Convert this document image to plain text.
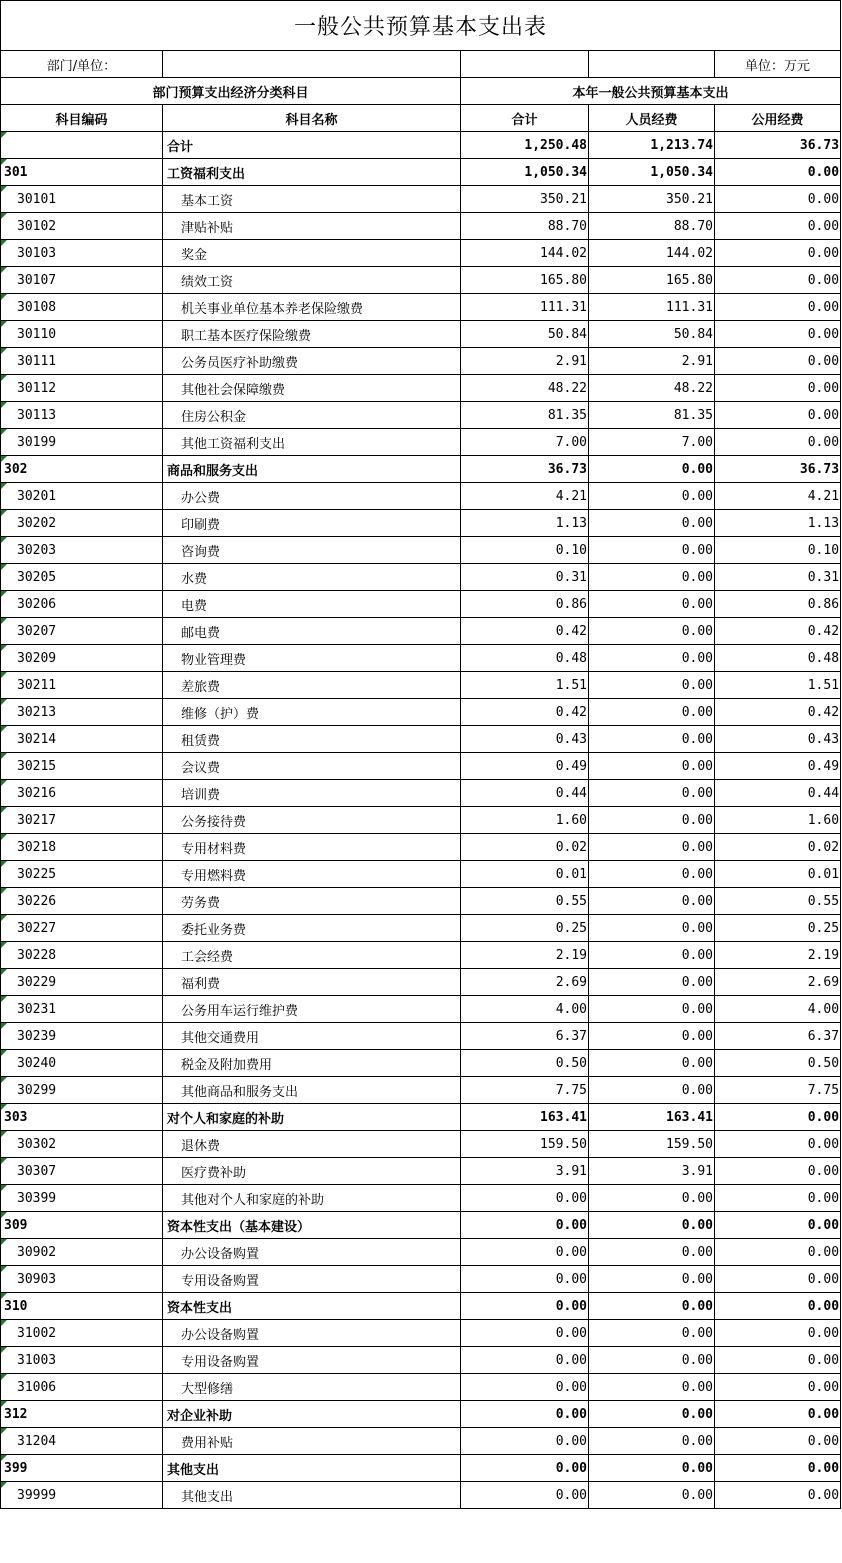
一般公共预算基本支出表				
部门/单位：				单位：万元
部门预算支出经济分类科目		本年一般公共预算基本支出		
科目编码	科目名称	合计	人员经费	公用经费
	合计	1,250.48	1,213.74	36.73
301	工资福利支出	1,050.34	1,050.34	0.00
30101	基本工资	350.21	350.21	0.00
30102	津贴补贴	88.70	88.70	0.00
30103	奖金	144.02	144.02	0.00
30107	绩效工资	165.80	165.80	0.00
30108	机关事业单位基本养老保险缴费	111.31	111.31	0.00
30110	职工基本医疗保险缴费	50.84	50.84	0.00
30111	公务员医疗补助缴费	2.91	2.91	0.00
30112	其他社会保障缴费	48.22	48.22	0.00
30113	住房公积金	81.35	81.35	0.00
30199	其他工资福利支出	7.00	7.00	0.00
302	商品和服务支出	36.73	0.00	36.73
30201	办公费	4.21	0.00	4.21
30202	印刷费	1.13	0.00	1.13
30203	咨询费	0.10	0.00	0.10
30205	水费	0.31	0.00	0.31
30206	电费	0.86	0.00	0.86
30207	邮电费	0.42	0.00	0.42
30209	物业管理费	0.48	0.00	0.48
30211	差旅费	1.51	0.00	1.51
30213	维修（护）费	0.42	0.00	0.42
30214	租赁费	0.43	0.00	0.43
30215	会议费	0.49	0.00	0.49
30216	培训费	0.44	0.00	0.44
30217	公务接待费	1.60	0.00	1.60
30218	专用材料费	0.02	0.00	0.02
30225	专用燃料费	0.01	0.00	0.01
30226	劳务费	0.55	0.00	0.55
30227	委托业务费	0.25	0.00	0.25
30228	工会经费	2.19	0.00	2.19
30229	福利费	2.69	0.00	2.69
30231	公务用车运行维护费	4.00	0.00	4.00
30239	其他交通费用	6.37	0.00	6.37
30240	税金及附加费用	0.50	0.00	0.50
30299	其他商品和服务支出	7.75	0.00	7.75
303	对个人和家庭的补助	163.41	163.41	0.00
30302	退休费	159.50	159.50	0.00
30307	医疗费补助	3.91	3.91	0.00
30399	其他对个人和家庭的补助	0.00	0.00	0.00
309	资本性支出（基本建设）	0.00	0.00	0.00
30902	办公设备购置	0.00	0.00	0.00
30903	专用设备购置	0.00	0.00	0.00
310	资本性支出	0.00	0.00	0.00
31002	办公设备购置	0.00	0.00	0.00
31003	专用设备购置	0.00	0.00	0.00
31006	大型修缮	0.00	0.00	0.00
312	对企业补助	0.00	0.00	0.00
31204	费用补贴	0.00	0.00	0.00
399	其他支出	0.00	0.00	0.00
39999	其他支出	0.00	0.00	0.00
